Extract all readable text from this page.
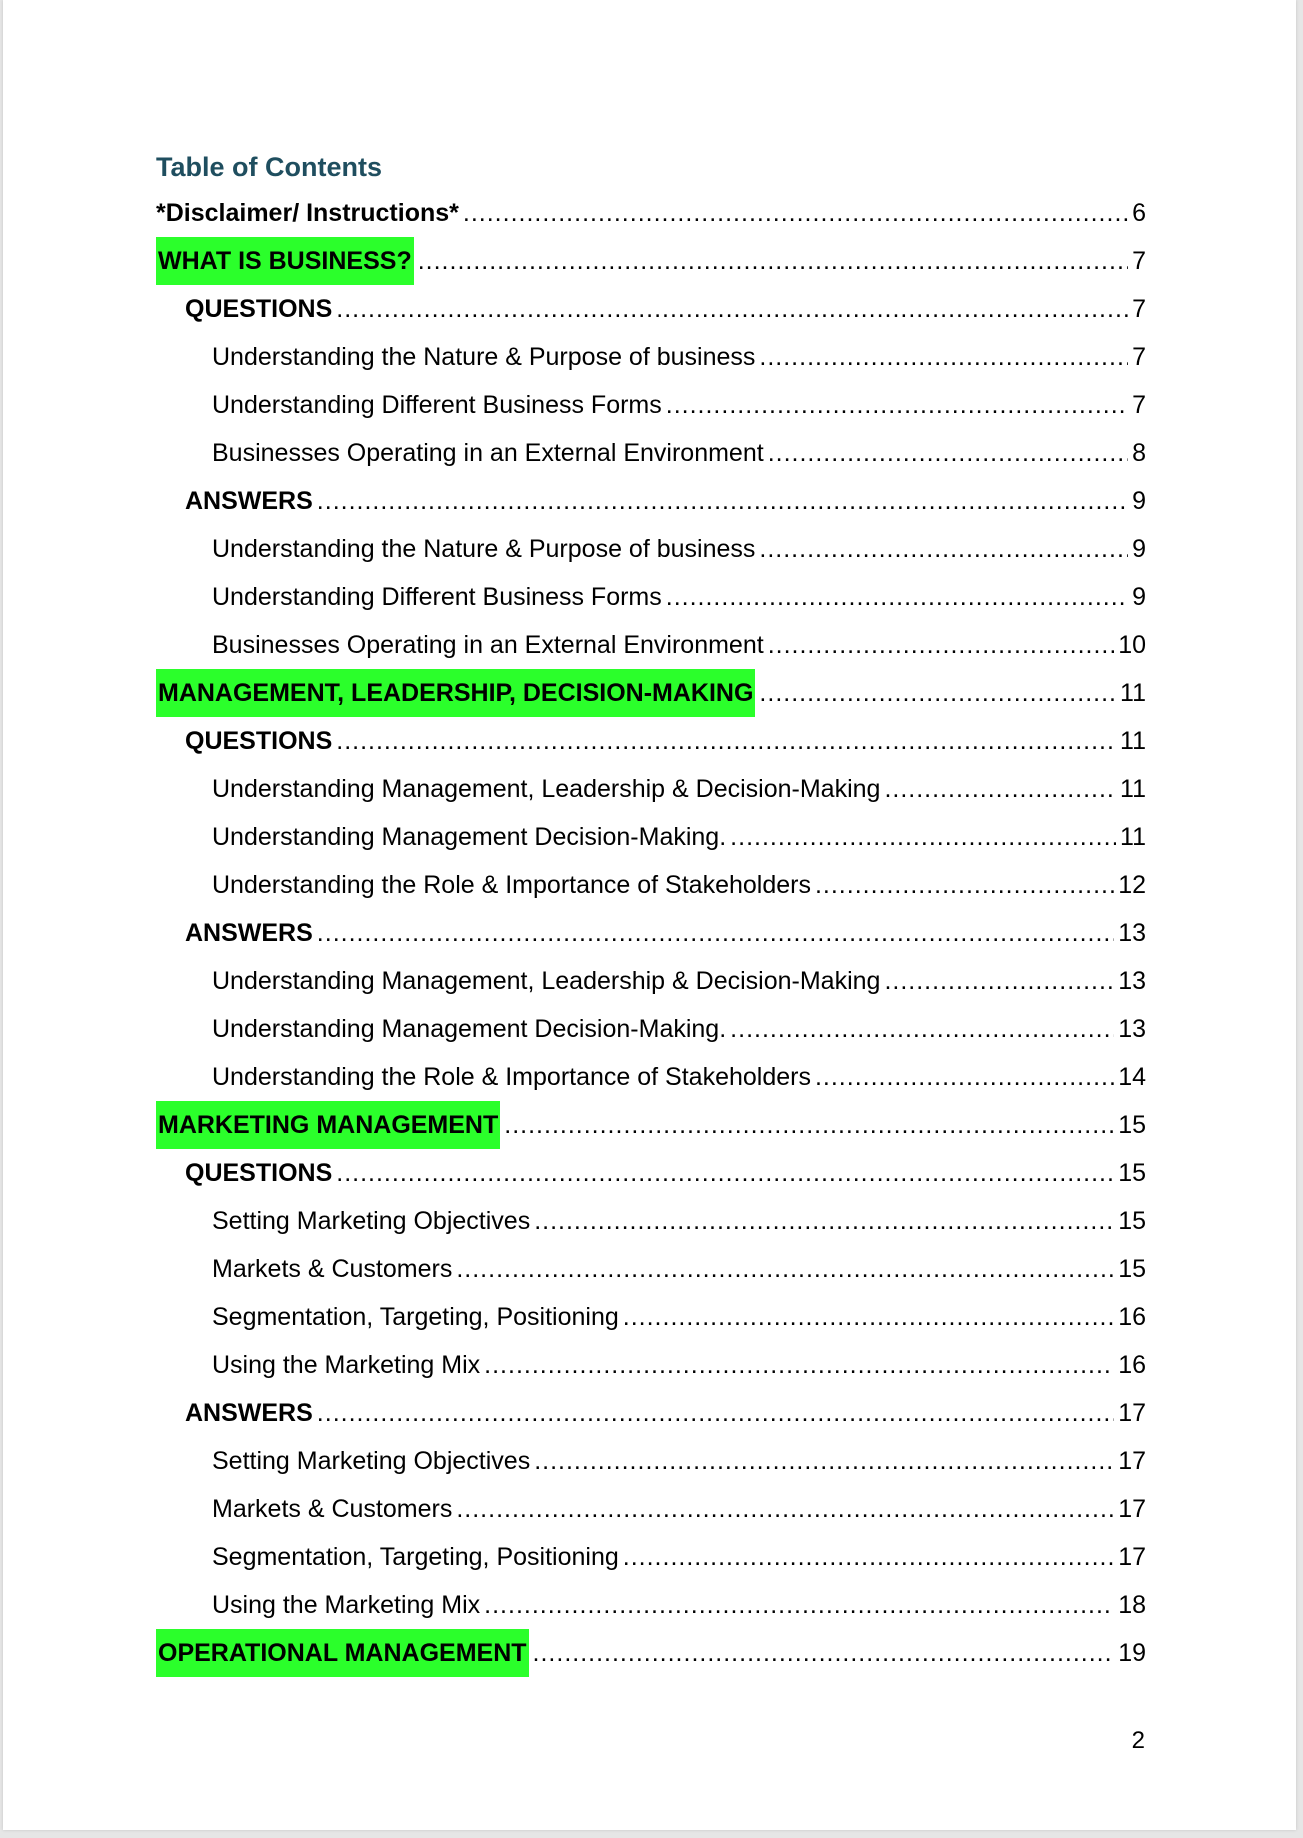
Table of Contents
*Disclaimer/ Instructions* .....	6
WHAT IS BUSINESS? .....	7
QUESTIONS .....	7
Understanding the Nature & Purpose of business .....	7
Understanding Different Business Forms .....	7
Businesses Operating in an External Environment .....	8
ANSWERS .....	9
Understanding the Nature & Purpose of business .....	9
Understanding Different Business Forms .....	9
Businesses Operating in an External Environment .....	10
MANAGEMENT, LEADERSHIP, DECISION-MAKING .....	11
QUESTIONS .....	11
Understanding Management, Leadership & Decision-Making .....	11
Understanding Management Decision-Making. .....	11
Understanding the Role & Importance of Stakeholders .....	12
ANSWERS .....	13
Understanding Management, Leadership & Decision-Making .....	13
Understanding Management Decision-Making. .....	13
Understanding the Role & Importance of Stakeholders .....	14
MARKETING MANAGEMENT .....	15
QUESTIONS .....	15
Setting Marketing Objectives .....	15
Markets & Customers .....	15
Segmentation, Targeting, Positioning .....	16
Using the Marketing Mix .....	16
ANSWERS .....	17
Setting Marketing Objectives .....	17
Markets & Customers .....	17
Segmentation, Targeting, Positioning .....	17
Using the Marketing Mix .....	18
OPERATIONAL MANAGEMENT .....	19
2
